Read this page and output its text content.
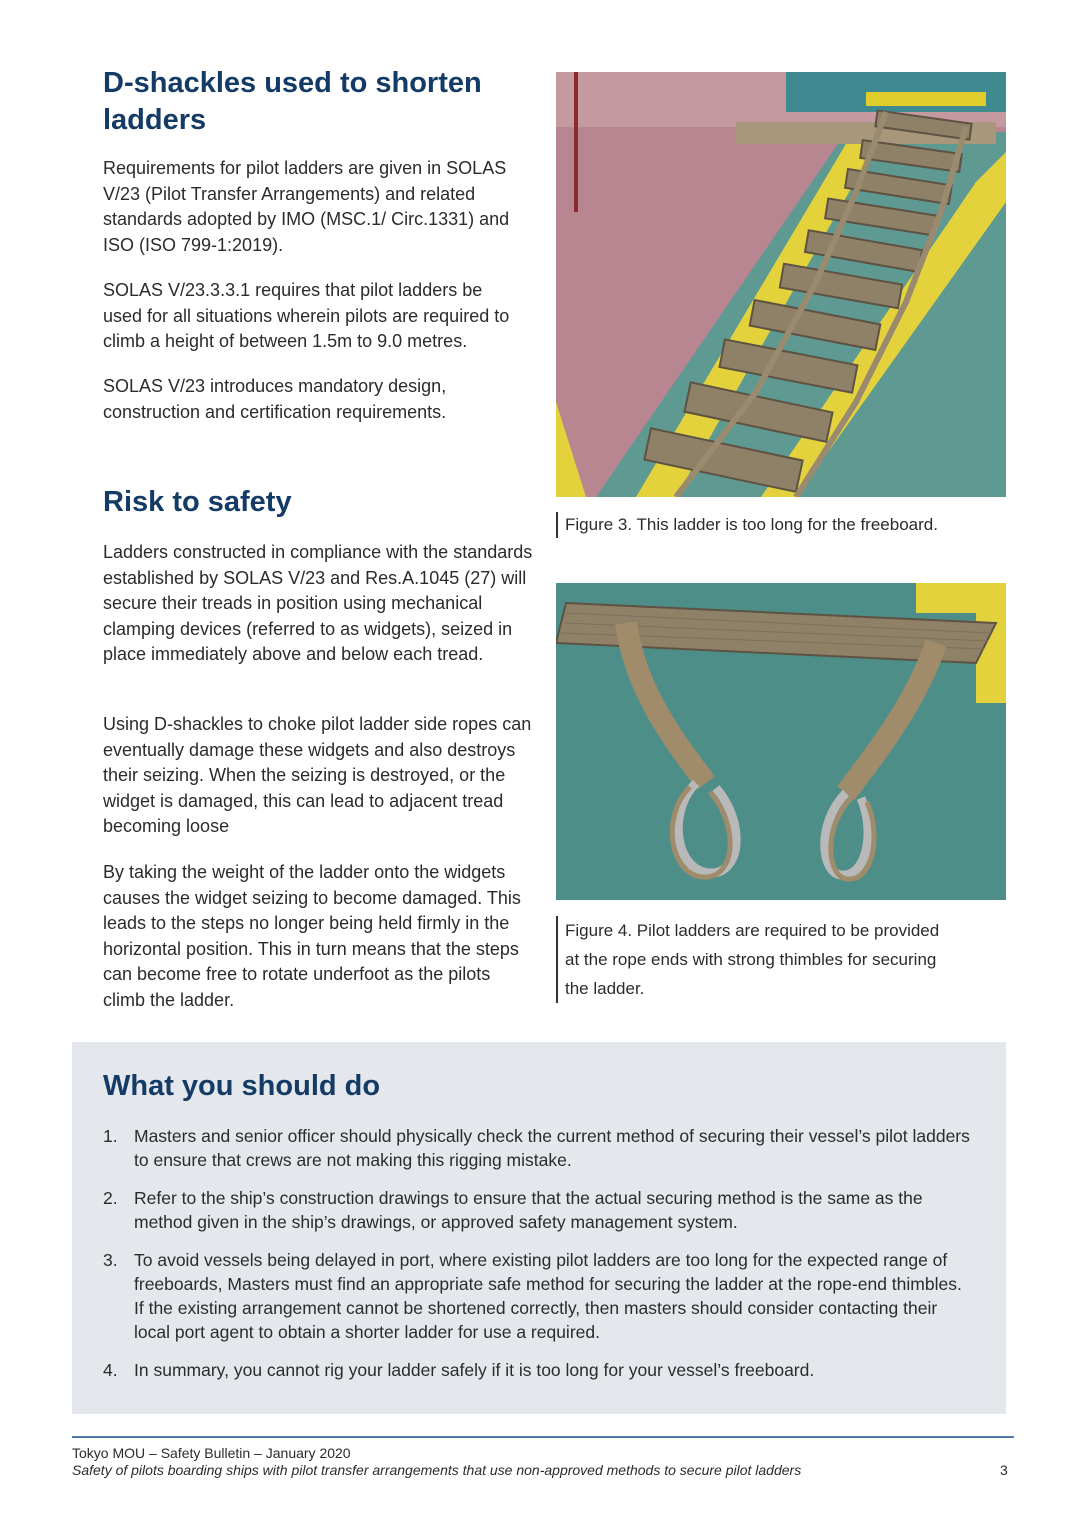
D-shackles used to shorten
ladders

Requirements for pilot ladders are given in SOLAS V/23 (Pilot Transfer Arrangements) and related standards adopted by IMO (MSC.1/ Circ.1331) and ISO (ISO 799-1:2019).

SOLAS V/23.3.3.1 requires that pilot ladders be used for all situations wherein pilots are required to climb a height of between 1.5m to 9.0 metres.

SOLAS V/23 introduces mandatory design, construction and certification requirements.

Risk to safety

Ladders constructed in compliance with the standards established by SOLAS V/23 and Res.A.1045 (27) will secure their treads in position using mechanical clamping devices (referred to as widgets), seized in place immediately above and below each tread.

Using D-shackles to choke pilot ladder side ropes can eventually damage these widgets and also destroys their seizing. When the seizing is destroyed, or the widget is damaged, this can lead to adjacent tread becoming loose

By taking the weight of the ladder onto the widgets causes the widget seizing to become damaged. This leads to the steps no longer being held firmly in the horizontal position. This in turn means that the steps can become free to rotate underfoot as the pilots climb the ladder.

Figure 3. This ladder is too long for the freeboard.
Figure 4. Pilot ladders are required to be provided
at the rope ends with strong thimbles for securing
the ladder.
What you should do
1. Masters and senior officer should physically check the current method of securing their vessel’s pilot ladders to ensure that crews are not making this rigging mistake.
2. Refer to the ship’s construction drawings to ensure that the actual securing method is the same as the method given in the ship’s drawings, or approved safety management system.
3. To avoid vessels being delayed in port, where existing pilot ladders are too long for the expected range of freeboards, Masters must find an appropriate safe method for securing the ladder at the rope-end thimbles. If the existing arrangement cannot be shortened correctly, then masters should consider contacting their local port agent to obtain a shorter ladder for use a required.
4. In summary, you cannot rig your ladder safely if it is too long for your vessel’s freeboard.
Tokyo MOU – Safety Bulletin – January 2020
Safety of pilots boarding ships with pilot transfer arrangements that use non-approved methods to secure pilot ladders	3
